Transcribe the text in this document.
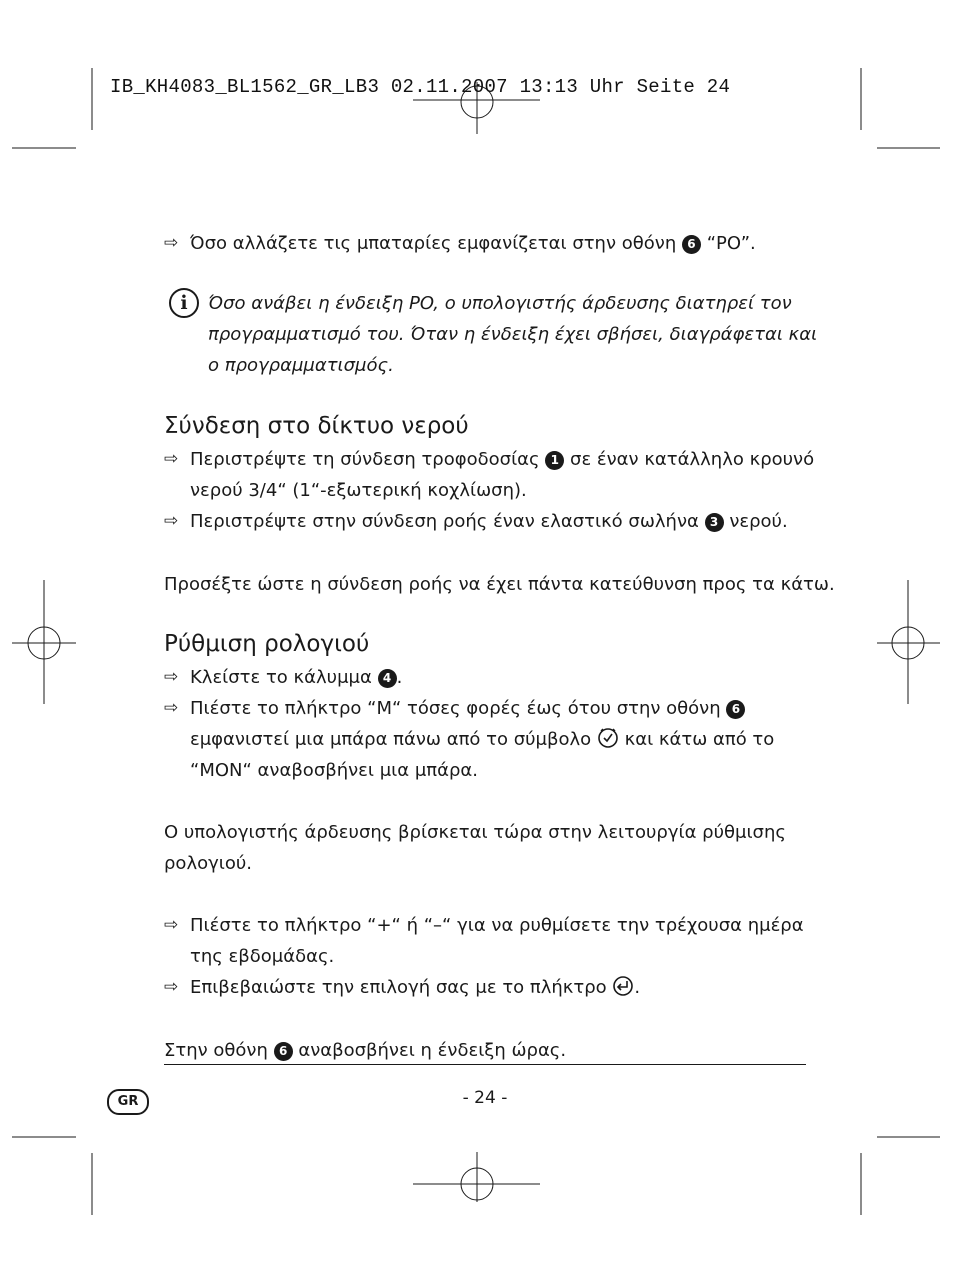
IB_KH4083_BL1562_GR_LB3 02.11.2007 13:13 Uhr Seite 24
⇨ Όσο αλλάζετε τις μπαταρίες εμφανίζεται στην οθόνη 6 “PO”.
i	Όσο ανάβει η ένδειξη PO, ο υπολογιστής άρδευσης διατηρεί τον
προγραμματισμό του. Όταν η ένδειξη έχει σβήσει, διαγράφεται και
ο προγραμματισμός.
Σύνδεση στο δίκτυο νερού
⇨ Περιστρέψτε τη σύνδεση τροφοδοσίας 1 σε έναν κατάλληλο κρουνό
νερού 3/4“ (1“-εξωτερική κοχλίωση).
⇨ Περιστρέψτε στην σύνδεση ροής έναν ελαστικό σωλήνα 3 νερού.
Προσέξτε ώστε η σύνδεση ροής να έχει πάντα κατεύθυνση προς τα κάτω.
Ρύθμιση ρολογιού
⇨ Κλείστε το κάλυμμα 4 .
⇨ Πιέστε το πλήκτρο “M“ τόσες φορές έως ότου στην οθόνη 6
εμφανιστεί μια μπάρα πάνω από το σύμβολο  και κάτω από το
“MON“ αναβοσβήνει μια μπάρα.
Ο υπολογιστής άρδευσης βρίσκεται τώρα στην λειτουργία ρύθμισης
ρολογιού.
⇨ Πιέστε το πλήκτρο “+“ ή “–“ για να ρυθμίσετε την τρέχουσα ημέρα
της εβδομάδας.
⇨ Επιβεβαιώστε την επιλογή σας με το πλήκτρο .
Στην οθόνη 6 αναβοσβήνει η ένδειξη ώρας.
GR	- 24 -
